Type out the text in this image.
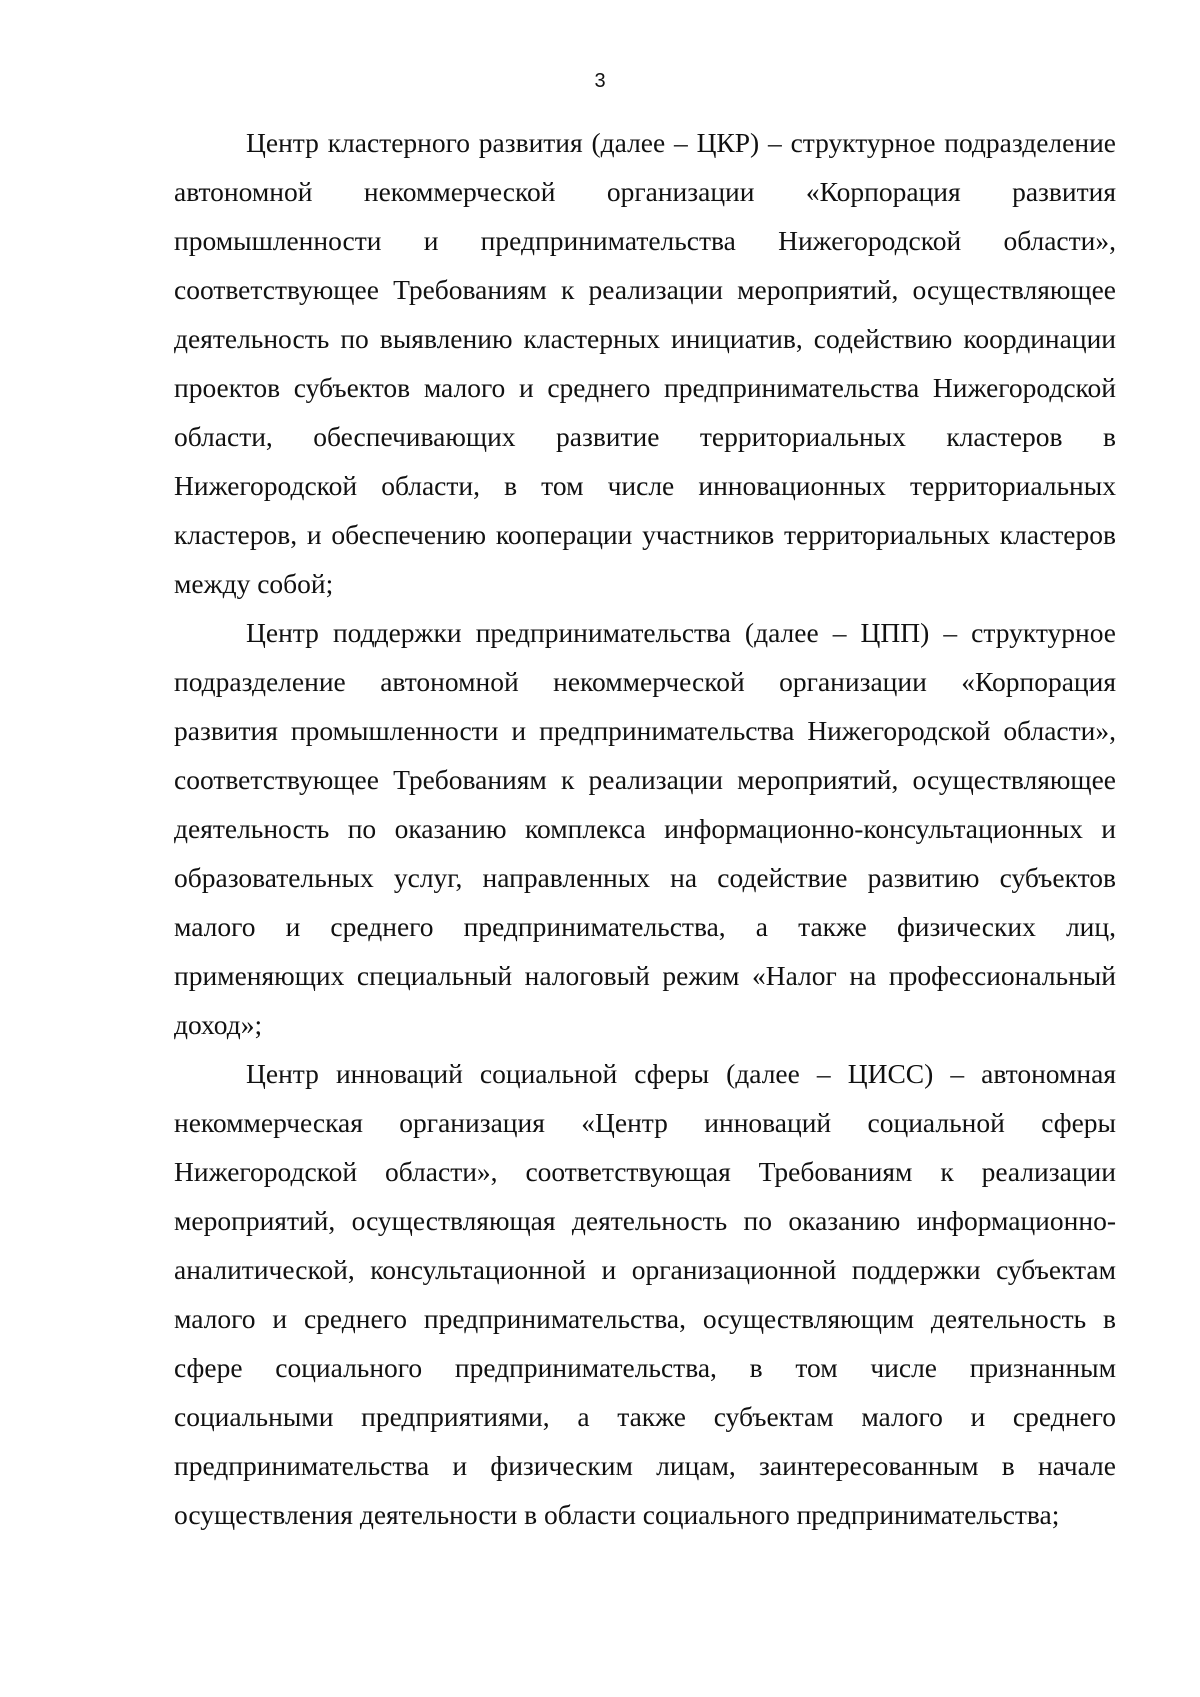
3

Центр кластерного развития (далее – ЦКР) – структурное подразделение автономной некоммерческой организации «Корпорация развития промышленности и предпринимательства Нижегородской области», соответствующее Требованиям к реализации мероприятий, осуществляющее деятельность по выявлению кластерных инициатив, содействию координации проектов субъектов малого и среднего предпринимательства Нижегородской области, обеспечивающих развитие территориальных кластеров в Нижегородской области, в том числе инновационных территориальных кластеров, и обеспечению кооперации участников территориальных кластеров между собой;

Центр поддержки предпринимательства (далее – ЦПП) – структурное подразделение автономной некоммерческой организации «Корпорация развития промышленности и предпринимательства Нижегородской области», соответствующее Требованиям к реализации мероприятий, осуществляющее деятельность по оказанию комплекса информационно-консультационных и образовательных услуг, направленных на содействие развитию субъектов малого и среднего предпринимательства, а также физических лиц, применяющих специальный налоговый режим «Налог на профессиональный доход»;

Центр инноваций социальной сферы (далее – ЦИСС) – автономная некоммерческая организация «Центр инноваций социальной сферы Нижегородской области», соответствующая Требованиям к реализации мероприятий, осуществляющая деятельность по оказанию информационно-аналитической, консультационной и организационной поддержки субъектам малого и среднего предпринимательства, осуществляющим деятельность в сфере социального предпринимательства, в том числе признанным социальными предприятиями, а также субъектам малого и среднего предпринимательства и физическим лицам, заинтересованным в начале осуществления деятельности в области социального предпринимательства;
